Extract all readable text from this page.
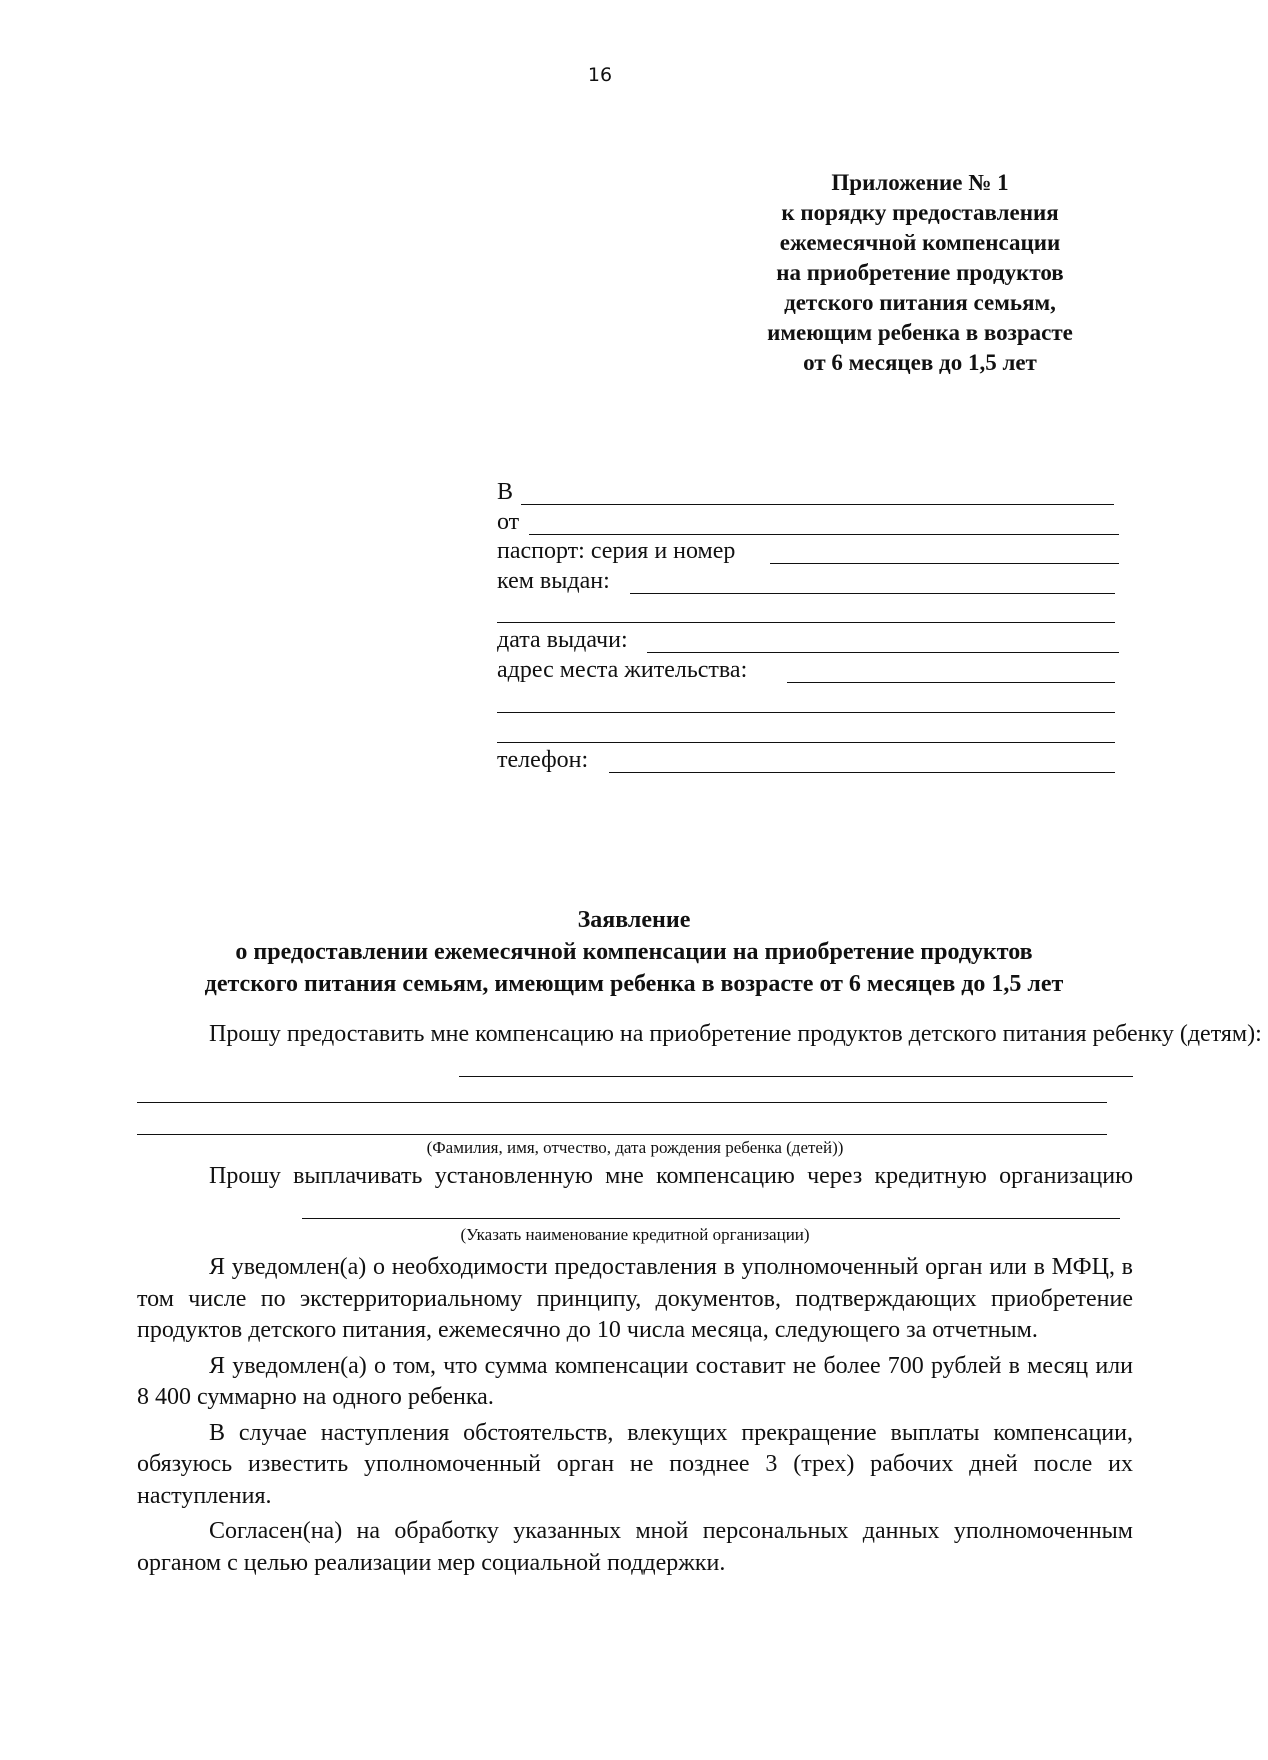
16
Приложение № 1
к порядку предоставления
ежемесячной компенсации
на приобретение продуктов
детского питания семьям,
имеющим ребенка в возрасте
от 6 месяцев до 1,5 лет
В
от
паспорт: серия и номер
кем выдан:
дата выдачи:
адрес места жительства:
телефон:
Заявление
о предоставлении ежемесячной компенсации на приобретение продуктов
детского питания семьям, имеющим ребенка в возрасте от 6 месяцев до 1,5 лет
Прошу предоставить мне компенсацию на приобретение продуктов детского питания ребенку (детям):
(Фамилия, имя, отчество, дата рождения ребенка (детей))
Прошу выплачивать установленную мне компенсацию через кредитную организацию
(Указать наименование кредитной организации)

Я уведомлен(а) о необходимости предоставления в уполномоченный орган или в МФЦ, в том числе по экстерриториальному принципу, документов, подтверждающих приобретение продуктов детского питания, ежемесячно до 10 числа месяца, следующего за отчетным.

Я уведомлен(а) о том, что сумма компенсации составит не более 700 рублей в месяц или 8 400 суммарно на одного ребенка.

В случае наступления обстоятельств, влекущих прекращение выплаты компенсации, обязуюсь известить уполномоченный орган не позднее 3 (трех) рабочих дней после их наступления.

Согласен(на) на обработку указанных мной персональных данных уполномоченным органом с целью реализации мер социальной поддержки.
